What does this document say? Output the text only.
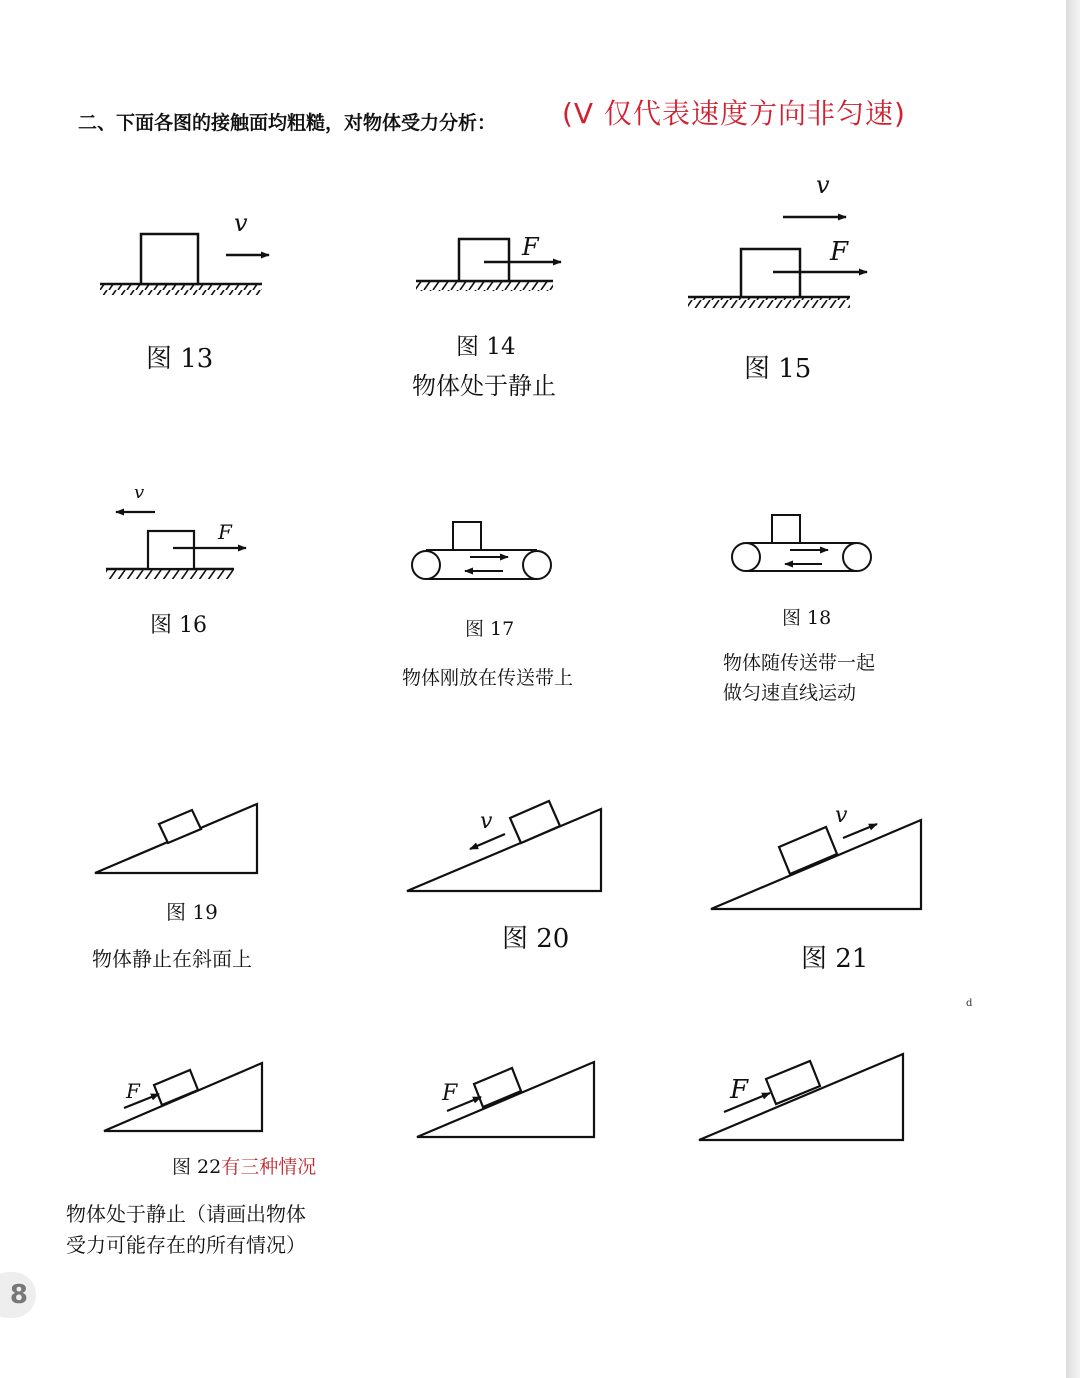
二、下面各图的接触面均粗糙，对物体受力分析： (V 仅代表速度方向非匀速)
v
F	F
v
F
v
v	v
F	F	F
图 13	图 14
物体处于静止
图 15
图 16	图 17
物体刚放在传送带上
图 18
物体随传送带一起
做匀速直线运动
图 19
物体静止在斜面上
图 20
图 21
d
图 22有三种情况
物体处于静止（请画出物体
受力可能存在的所有情况）
8
